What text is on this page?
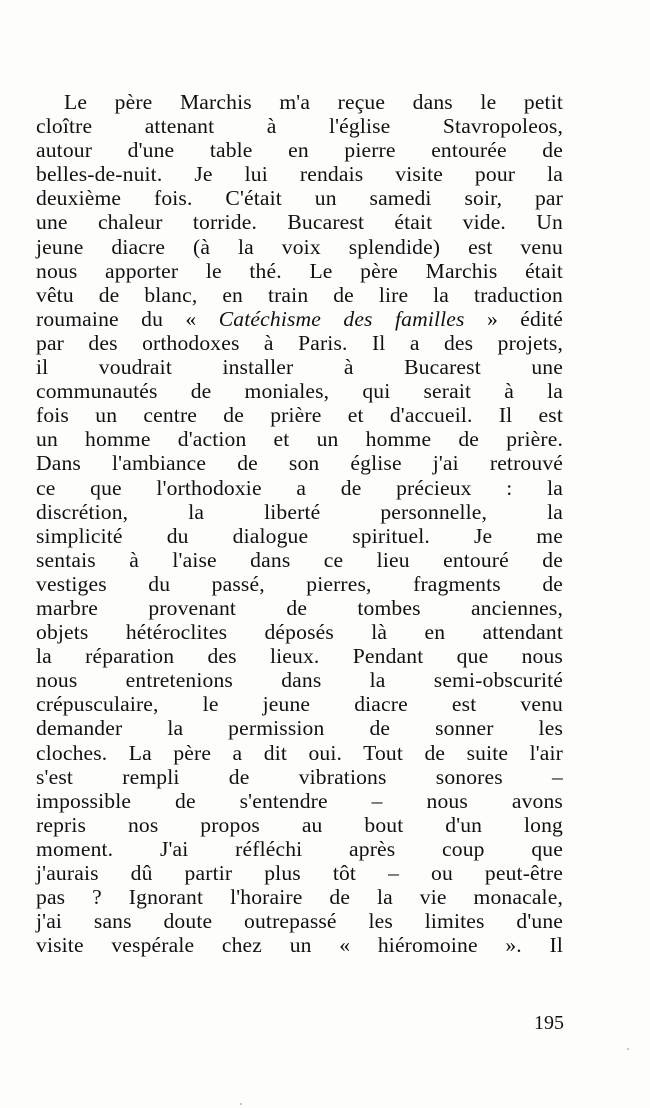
Le père Marchis m'a reçue dans le petit
cloître attenant à l'église Stavropoleos,
autour d'une table en pierre entourée de
belles-de-nuit. Je lui rendais visite pour la
deuxième fois. C'était un samedi soir, par
une chaleur torride. Bucarest était vide. Un
jeune diacre (à la voix splendide) est venu
nous apporter le thé. Le père Marchis était
vêtu de blanc, en train de lire la traduction
roumaine du « Catéchisme des familles » édité
par des orthodoxes à Paris. Il a des projets,
il voudrait installer à Bucarest une
communautés de moniales, qui serait à la
fois un centre de prière et d'accueil. Il est
un homme d'action et un homme de prière.
Dans l'ambiance de son église j'ai retrouvé
ce que l'orthodoxie a de précieux : la
discrétion, la liberté personnelle, la
simplicité du dialogue spirituel. Je me
sentais à l'aise dans ce lieu entouré de
vestiges du passé, pierres, fragments de
marbre provenant de tombes anciennes,
objets hétéroclites déposés là en attendant
la réparation des lieux. Pendant que nous
nous entretenions dans la semi-obscurité
crépusculaire, le jeune diacre est venu
demander la permission de sonner les
cloches. La père a dit oui. Tout de suite l'air
s'est rempli de vibrations sonores –
impossible de s'entendre – nous avons
repris nos propos au bout d'un long
moment. J'ai réfléchi après coup que
j'aurais dû partir plus tôt – ou peut-être
pas ? Ignorant l'horaire de la vie monacale,
j'ai sans doute outrepassé les limites d'une
visite vespérale chez un « hiéromoine ». Il
195
